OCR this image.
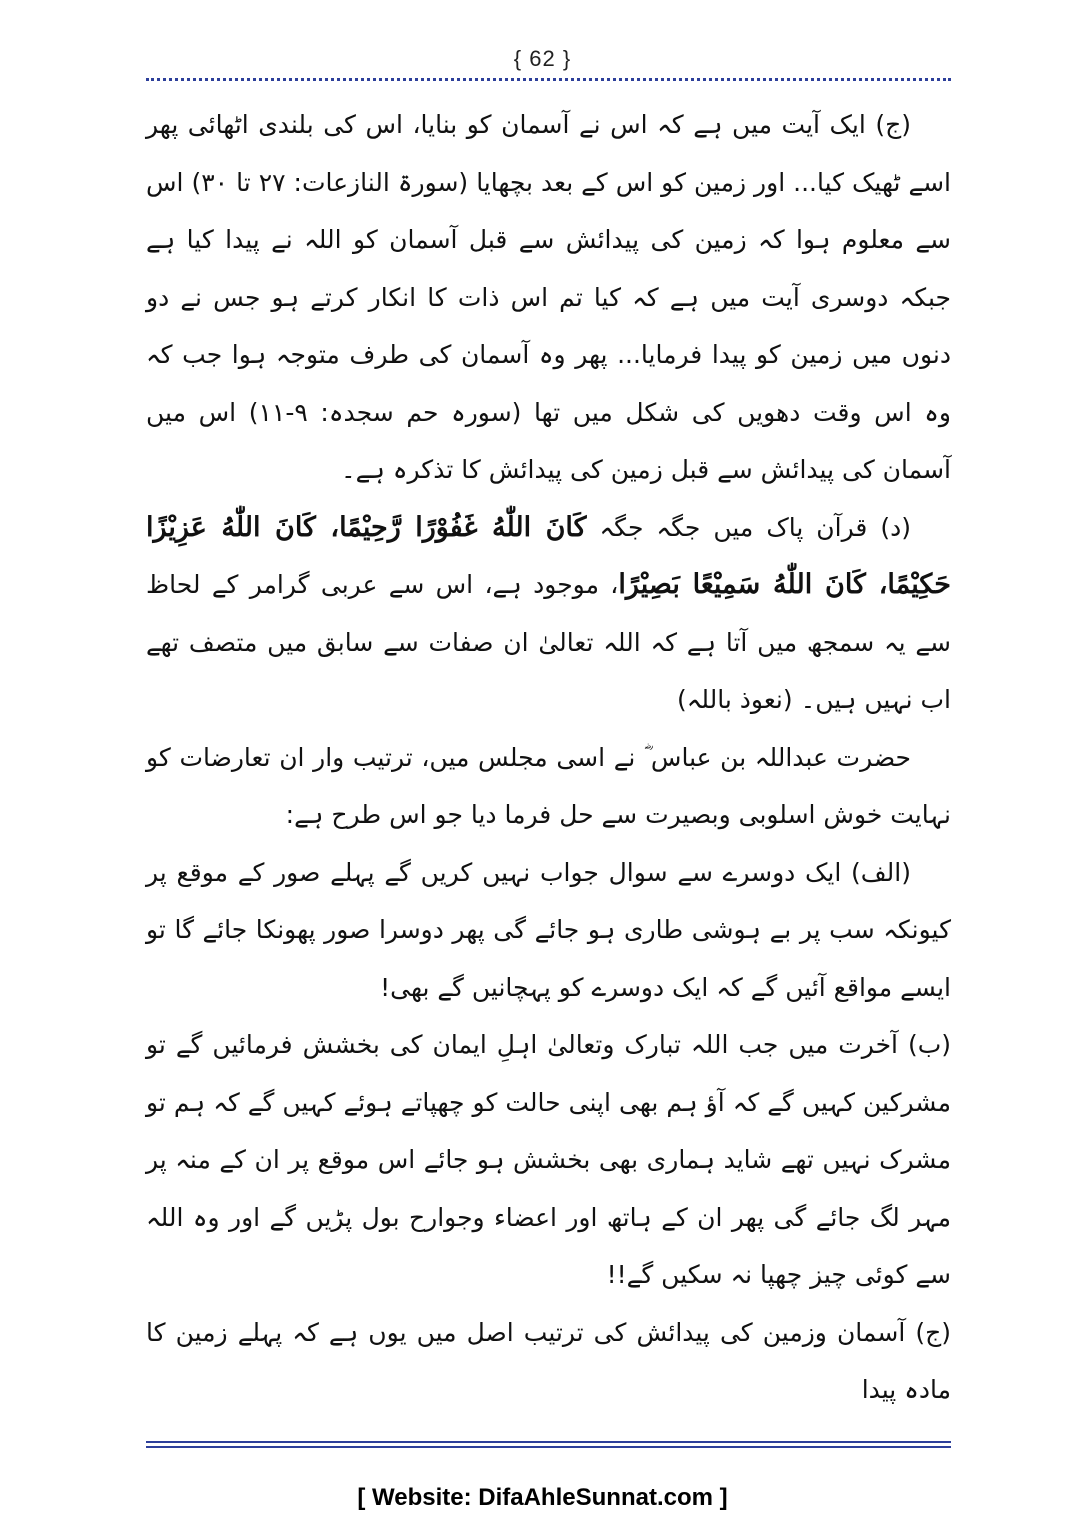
{ 62 }

(ج) ایک آیت میں ہے کہ اس نے آسمان کو بنایا، اس کی بلندی اٹھائی پھر اسے ٹھیک کیا... اور زمین کو اس کے بعد بچھایا (سورۃ النازعات: ۲۷ تا ۳۰) اس سے معلوم ہوا کہ زمین کی پیدائش سے قبل آسمان کو اللہ نے پیدا کیا ہے جبکہ دوسری آیت میں ہے کہ کیا تم اس ذات کا انکار کرتے ہو جس نے دو دنوں میں زمین کو پیدا فرمایا... پھر وہ آسمان کی طرف متوجہ ہوا جب کہ وہ اس وقت دھویں کی شکل میں تھا (سورہ حم سجدہ: ۹-۱۱) اس میں آسمان کی پیدائش سے قبل زمین کی پیدائش کا تذکرہ ہے۔

(د) قرآن پاک میں جگہ جگہ كَانَ اللّٰهُ غَفُوْرًا رَّحِيْمًا، كَانَ اللّٰهُ عَزِيْزًا حَكِيْمًا، كَانَ اللّٰهُ سَمِيْعًا بَصِيْرًا، موجود ہے، اس سے عربی گرامر کے لحاظ سے یہ سمجھ میں آتا ہے کہ اللہ تعالیٰ ان صفات سے سابق میں متصف تھے اب نہیں ہیں۔ (نعوذ باللہ)

حضرت عبداللہ بن عباس ؓ نے اسی مجلس میں، ترتیب وار ان تعارضات کو نہایت خوش اسلوبی وبصیرت سے حل فرما دیا جو اس طرح ہے:

(الف) ایک دوسرے سے سوال جواب نہیں کریں گے پہلے صور کے موقع پر کیونکہ سب پر بے ہوشی طاری ہو جائے گی پھر دوسرا صور پھونکا جائے گا تو ایسے مواقع آئیں گے کہ ایک دوسرے کو پہچانیں گے بھی!

(ب) آخرت میں جب اللہ تبارک وتعالیٰ اہلِ ایمان کی بخشش فرمائیں گے تو مشرکین کہیں گے کہ آؤ ہم بھی اپنی حالت کو چھپاتے ہوئے کہیں گے کہ ہم تو مشرک نہیں تھے شاید ہماری بھی بخشش ہو جائے اس موقع پر ان کے منہ پر مہر لگ جائے گی پھر ان کے ہاتھ اور اعضاء وجوارح بول پڑیں گے اور وہ اللہ سے کوئی چیز چھپا نہ سکیں گے!!

(ج) آسمان وزمین کی پیدائش کی ترتیب اصل میں یوں ہے کہ پہلے زمین کا مادہ پیدا

[ Website: DifaAhleSunnat.com ]
